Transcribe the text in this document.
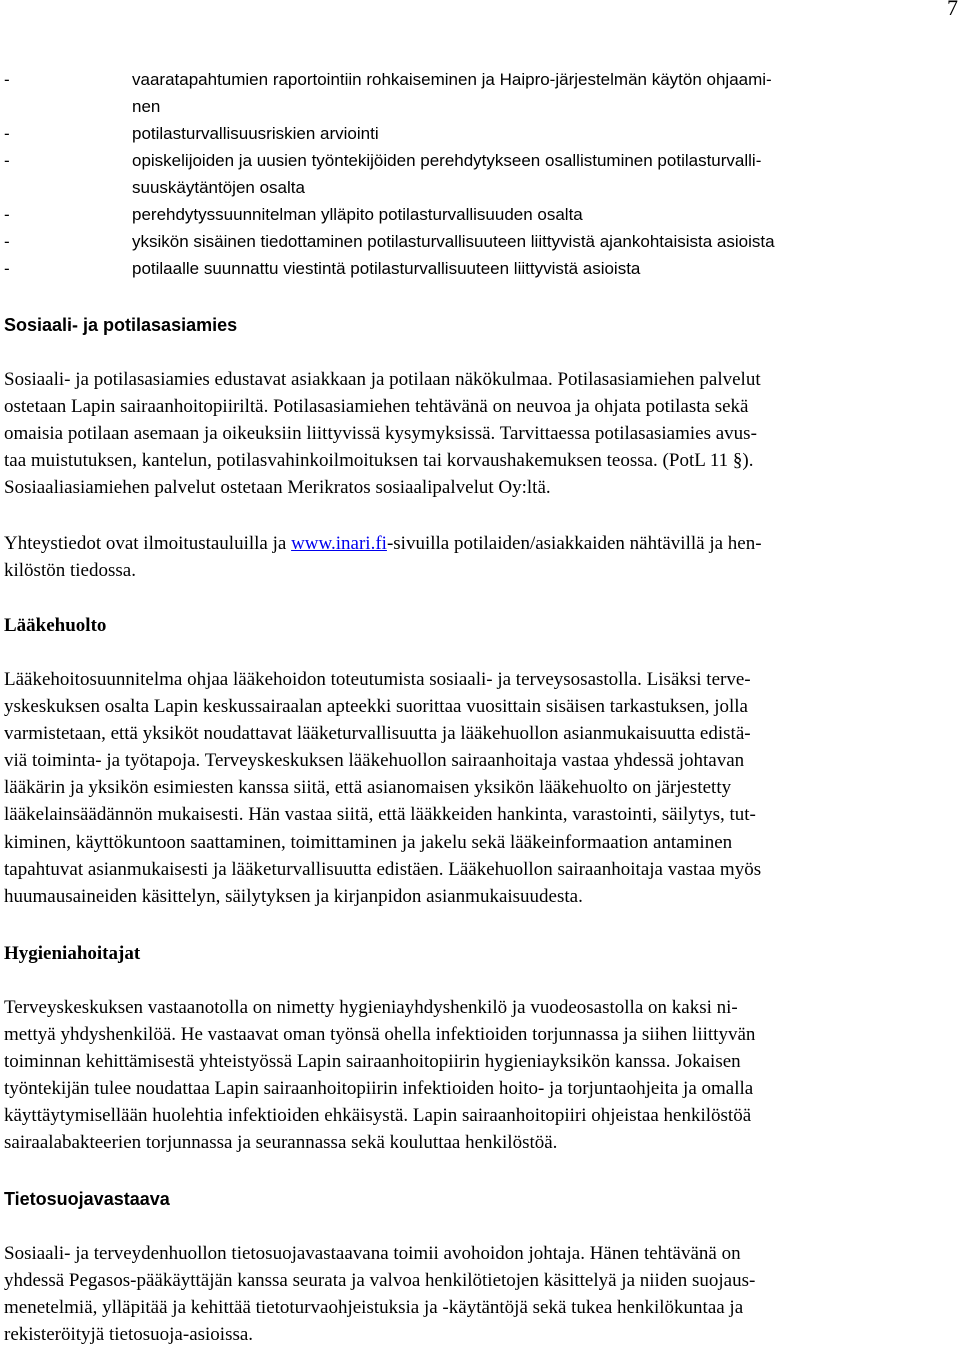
7
-	vaaratapahtumien raportointiin rohkaiseminen ja Haipro-järjestelmän käytön ohjaami-
nen
-	potilasturvallisuusriskien arviointi
-	opiskelijoiden ja uusien työntekijöiden perehdytykseen osallistuminen potilasturvalli-
suuskäytäntöjen osalta
-	perehdytyssuunnitelman ylläpito potilasturvallisuuden osalta
-	yksikön sisäinen tiedottaminen potilasturvallisuuteen liittyvistä ajankohtaisista asioista
-	potilaalle suunnattu viestintä potilasturvallisuuteen liittyvistä asioista
Sosiaali- ja potilasasiamies
Sosiaali- ja potilasasiamies edustavat asiakkaan ja potilaan näkökulmaa. Potilasasiamiehen palvelut
ostetaan Lapin sairaanhoitopiiriltä. Potilasasiamiehen tehtävänä on neuvoa ja ohjata potilasta sekä
omaisia potilaan asemaan ja oikeuksiin liittyvissä kysymyksissä. Tarvittaessa potilasasiamies avus-
taa muistutuksen, kantelun, potilasvahinkoilmoituksen tai korvaushakemuksen teossa. (PotL 11 §).
Sosiaaliasiamiehen palvelut ostetaan Merikratos sosiaalipalvelut Oy:ltä.
Yhteystiedot ovat ilmoitustauluilla ja www.inari.fi-sivuilla potilaiden/asiakkaiden nähtävillä ja hen-
kilöstön tiedossa.
Lääkehuolto
Lääkehoitosuunnitelma ohjaa lääkehoidon toteutumista sosiaali- ja terveysosastolla. Lisäksi terve-
yskeskuksen osalta Lapin keskussairaalan apteekki suorittaa vuosittain sisäisen tarkastuksen, jolla
varmistetaan, että yksiköt noudattavat lääketurvallisuutta ja lääkehuollon asianmukaisuutta edistä-
viä toiminta- ja työtapoja. Terveyskeskuksen lääkehuollon sairaanhoitaja vastaa yhdessä johtavan
lääkärin ja yksikön esimiesten kanssa siitä, että asianomaisen yksikön lääkehuolto on järjestetty
lääkelainsäädännön mukaisesti. Hän vastaa siitä, että lääkkeiden hankinta, varastointi, säilytys, tut-
kiminen, käyttökuntoon saattaminen, toimittaminen ja jakelu sekä lääkeinformaation antaminen
tapahtuvat asianmukaisesti ja lääketurvallisuutta edistäen. Lääkehuollon sairaanhoitaja vastaa myös
huumausaineiden käsittelyn, säilytyksen ja kirjanpidon asianmukaisuudesta.
Hygieniahoitajat
Terveyskeskuksen vastaanotolla on nimetty hygieniayhdyshenkilö ja vuodeosastolla on kaksi ni-
mettyä yhdyshenkilöä. He vastaavat oman työnsä ohella infektioiden torjunnassa ja siihen liittyvän
toiminnan kehittämisestä yhteistyössä Lapin sairaanhoitopiirin hygieniayksikön kanssa. Jokaisen
työntekijän tulee noudattaa Lapin sairaanhoitopiirin infektioiden hoito- ja torjuntaohjeita ja omalla
käyttäytymisellään huolehtia infektioiden ehkäisystä. Lapin sairaanhoitopiiri ohjeistaa henkilöstöä
sairaalabakteerien torjunnassa ja seurannassa sekä kouluttaa henkilöstöä.
Tietosuojavastaava
Sosiaali- ja terveydenhuollon tietosuojavastaavana toimii avohoidon johtaja. Hänen tehtävänä on
yhdessä Pegasos-pääkäyttäjän kanssa seurata ja valvoa henkilötietojen käsittelyä ja niiden suojaus-
menetelmiä, ylläpitää ja kehittää tietoturvaohjeistuksia ja -käytäntöjä sekä tukea henkilökuntaa ja
rekisteröityjä tietosuoja-asioissa.
